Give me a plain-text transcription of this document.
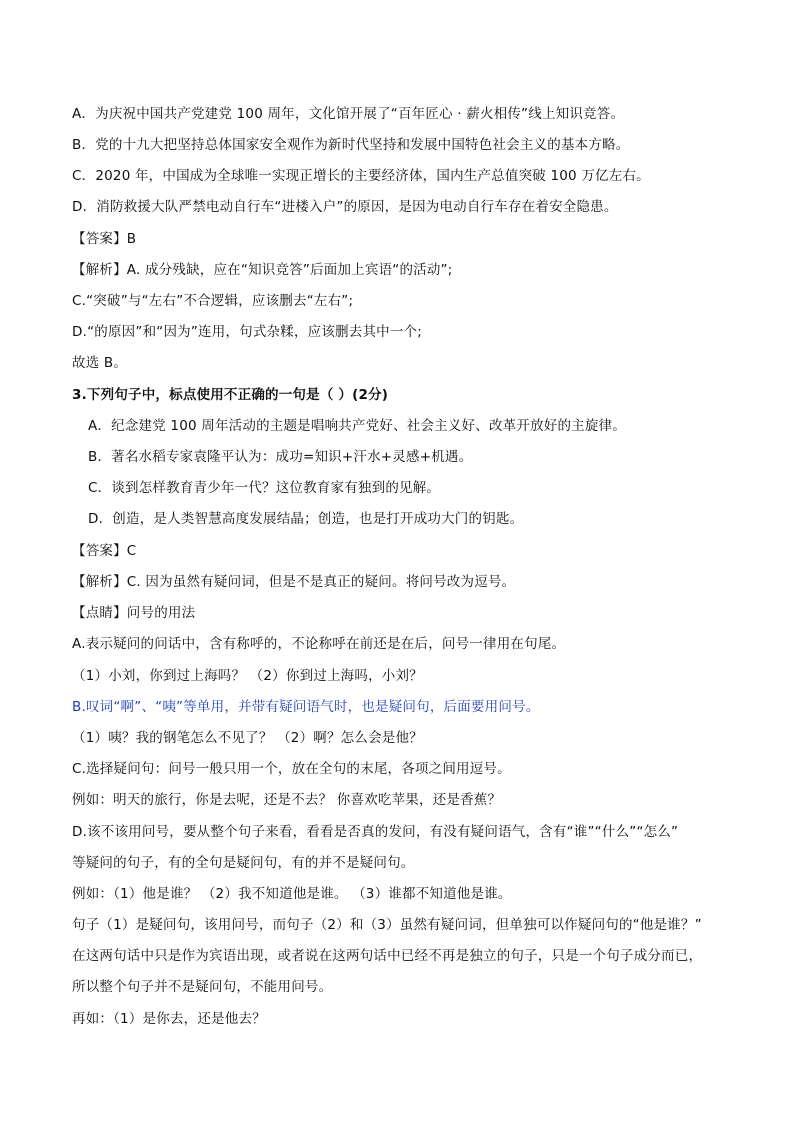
A．为庆祝中国共产党建党 100 周年，文化馆开展了“百年匠心 · 薪火相传”线上知识竞答。
B．党的十九大把坚持总体国家安全观作为新时代坚持和发展中国特色社会主义的基本方略。
C．2020 年，中国成为全球唯一实现正增长的主要经济体，国内生产总值突破 100 万亿左右。
D．消防救援大队严禁电动自行车“进楼入户”的原因，是因为电动自行车存在着安全隐患。
【答案】B
【解析】A. 成分残缺，应在“知识竞答”后面加上宾语“的活动”;
C.“突破”与“左右”不合逻辑，应该删去“左右”;
D.“的原因”和“因为”连用，句式杂糅，应该删去其中一个;
故选 B。
3.下列句子中，标点使用不正确的一句是（ ）(2分)
A．纪念建党 100 周年活动的主题是唱响共产党好、社会主义好、改革开放好的主旋律。
B．著名水稻专家袁隆平认为：成功=知识+汗水+灵感+机遇。
C．谈到怎样教育青少年一代？这位教育家有独到的见解。
D．创造，是人类智慧高度发展结晶；创造，也是打开成功大门的钥匙。
【答案】C
【解析】C. 因为虽然有疑问词，但是不是真正的疑问。将问号改为逗号。
【点睛】问号的用法
A.表示疑问的问话中，含有称呼的，不论称呼在前还是在后，问号一律用在句尾。
（1）小刘，你到过上海吗？ （2）你到过上海吗，小刘？
B.叹词“啊”、“咦”等单用，并带有疑问语气时，也是疑问句，后面要用问号。
（1）咦？我的钢笔怎么不见了？ （2）啊？怎么会是他？
C.选择疑问句：问号一般只用一个，放在全句的末尾，各项之间用逗号。
例如：明天的旅行，你是去呢，还是不去？ 你喜欢吃苹果，还是香蕉？
D.该不该用问号，要从整个句子来看，看看是否真的发问，有没有疑问语气，含有“谁”“什么”“怎么”
等疑问的句子，有的全句是疑问句，有的并不是疑问句。
例如：（1）他是谁？ （2）我不知道他是谁。 （3）谁都不知道他是谁。
句子（1）是疑问句，该用问号，而句子（2）和（3）虽然有疑问词，但单独可以作疑问句的“他是谁？”
在这两句话中只是作为宾语出现，或者说在这两句话中已经不再是独立的句子，只是一个句子成分而已，
所以整个句子并不是疑问句，不能用问号。
再如：（1）是你去，还是他去？
